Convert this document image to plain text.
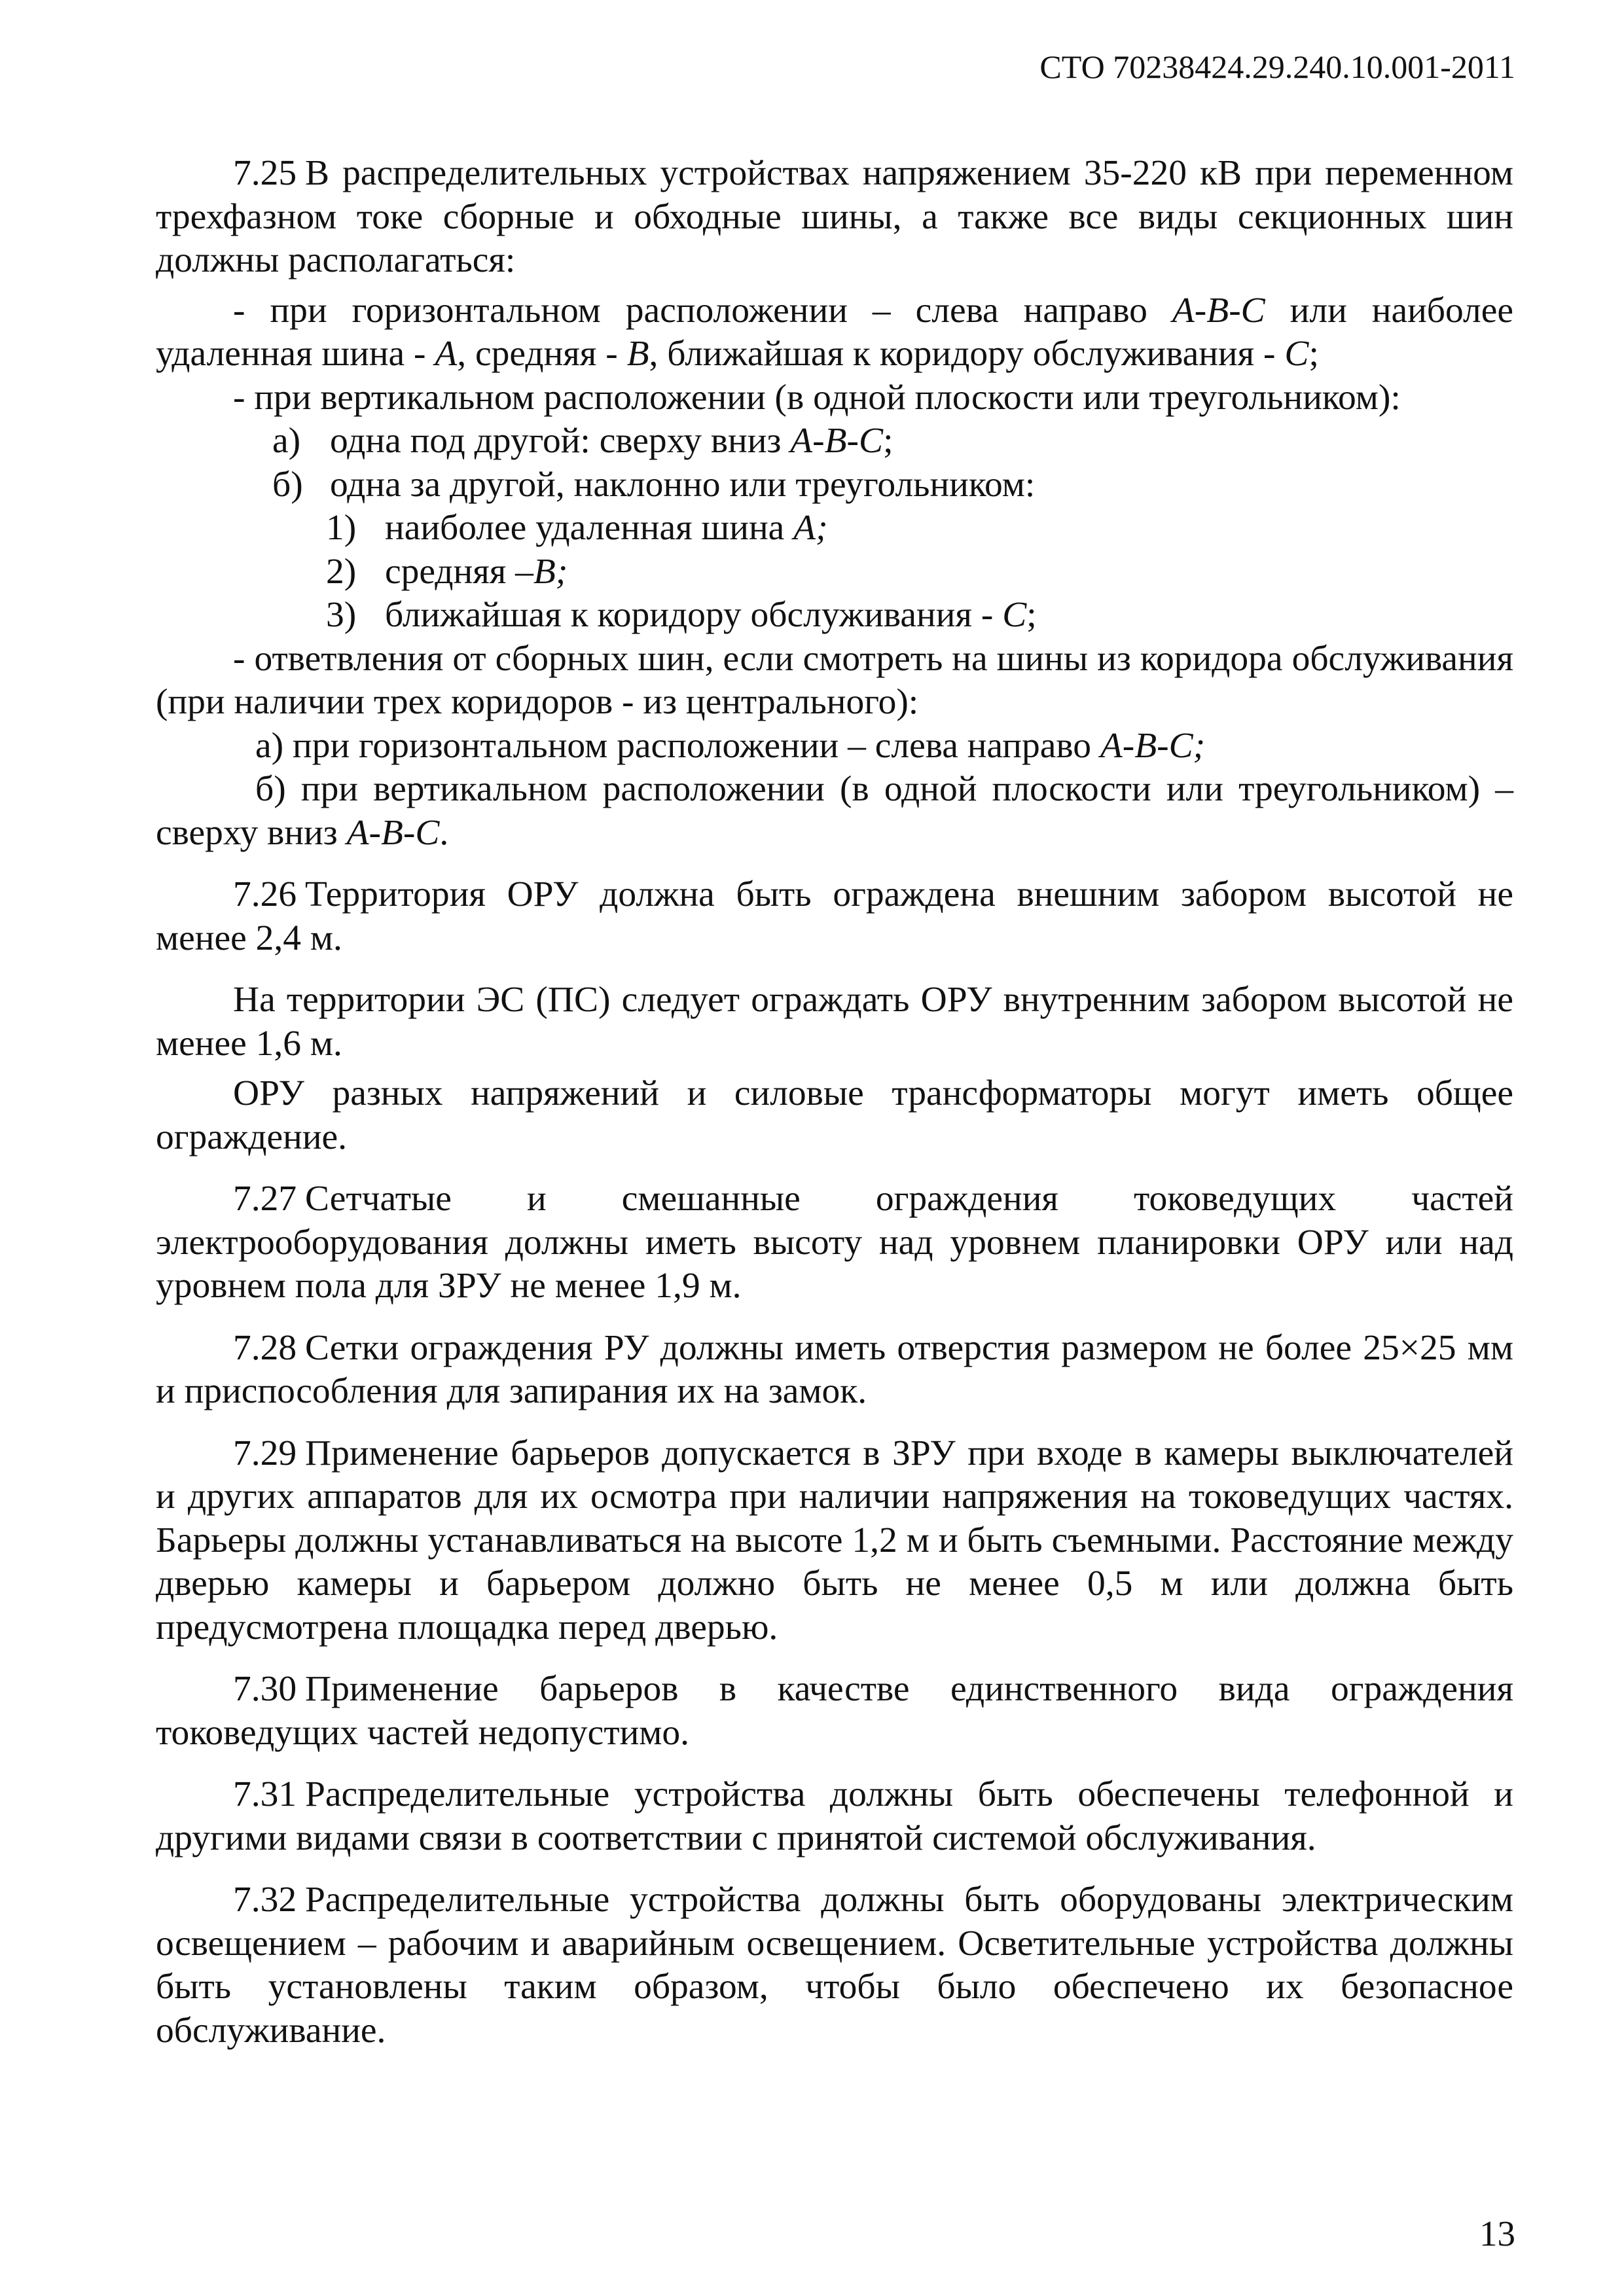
СТО 70238424.29.240.10.001-2011

7.25 В распределительных устройствах напряжением 35-220 кВ при переменном трехфазном токе сборные и обходные шины, а также все виды секционных шин должны располагаться:

- при горизонтальном расположении – слева направо A-B-C или наиболее удаленная шина - A, средняя - B, ближайшая к коридору обслуживания - C;

- при вертикальном расположении (в одной плоскости или треугольником):

а) одна под другой: сверху вниз A-B-C;

б) одна за другой, наклонно или треугольником:

1) наиболее удаленная шина A;

2) средняя –B;

3) ближайшая к коридору обслуживания - C;

- ответвления от сборных шин, если смотреть на шины из коридора обслуживания (при наличии трех коридоров - из центрального):

а) при горизонтальном расположении – слева направо A-B-C;

б) при вертикальном расположении (в одной плоскости или треугольником) – сверху вниз A-B-C.

7.26 Территория ОРУ должна быть ограждена внешним забором высотой не менее 2,4 м.

На территории ЭС (ПС) следует ограждать ОРУ внутренним забором высотой не менее 1,6 м.

ОРУ разных напряжений и силовые трансформаторы могут иметь общее ограждение.

7.27 Сетчатые и смешанные ограждения токоведущих частей электрооборудования должны иметь высоту над уровнем планировки ОРУ или над уровнем пола для ЗРУ не менее 1,9 м.

7.28 Сетки ограждения РУ должны иметь отверстия размером не более 25×25 мм и приспособления для запирания их на замок.

7.29 Применение барьеров допускается в ЗРУ при входе в камеры выключателей и других аппаратов для их осмотра при наличии напряжения на токоведущих частях. Барьеры должны устанавливаться на высоте 1,2 м и быть съемными. Расстояние между дверью камеры и барьером должно быть не менее 0,5 м или должна быть предусмотрена площадка перед дверью.

7.30 Применение барьеров в качестве единственного вида ограждения токоведущих частей недопустимо.

7.31 Распределительные устройства должны быть обеспечены телефонной и другими видами связи в соответствии с принятой системой обслуживания.

7.32 Распределительные устройства должны быть оборудованы электрическим освещением – рабочим и аварийным освещением. Осветительные устройства должны быть установлены таким образом, чтобы было обеспечено их безопасное обслуживание.

13
